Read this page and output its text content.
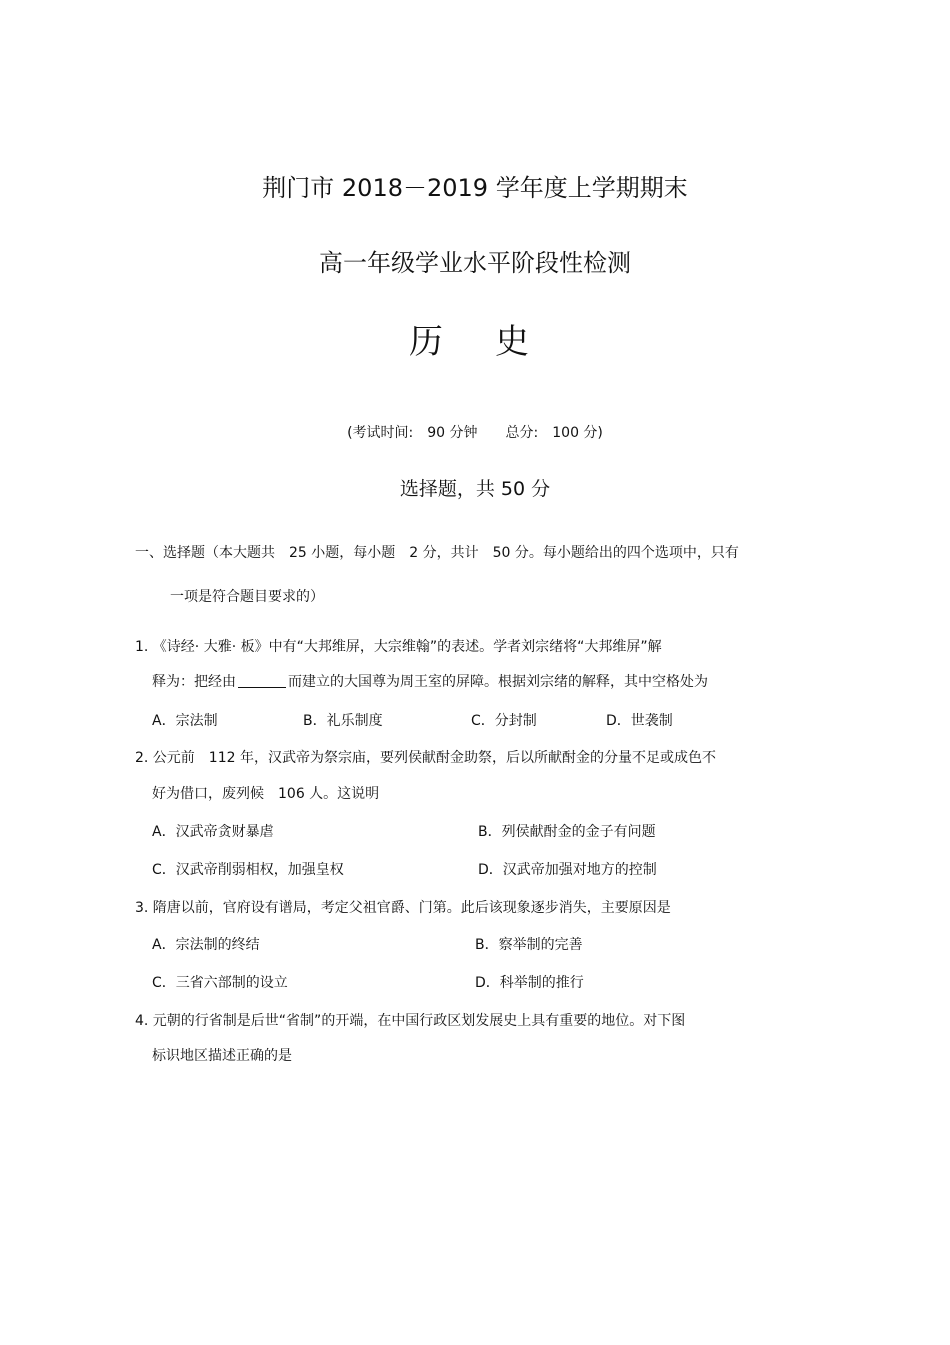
荆门市 2018－2019 学年度上学期期末
高一年级学业水平阶段性检测
历史
(考试时间:　90 分钟　　总分:　100 分)
选择题，共 50 分
一、选择题（本大题共　25 小题，每小题　2 分，共计　50 分。每小题给出的四个选项中，只有
一项是符合题目要求的）
1. 《诗经· 大雅· 板》中有“大邦维屏，大宗维翰”的表述。学者刘宗绪将“大邦维屏”解
释为：把经由	而建立的大国尊为周王室的屏障。根据刘宗绪的解释，其中空格处为
A．宗法制	B．礼乐制度	C．分封制	D．世袭制
2. 公元前　112 年，汉武帝为祭宗庙，要列侯献酎金助祭，后以所献酎金的分量不足或成色不
好为借口，废列候　106 人。这说明
A．汉武帝贪财暴虐	B．列侯献酎金的金子有问题
C．汉武帝削弱相权，加强皇权	D．汉武帝加强对地方的控制
3. 隋唐以前，官府设有谱局，考定父祖官爵、门第。此后该现象逐步消失，主要原因是
A．宗法制的终结	B．察举制的完善
C．三省六部制的设立	D．科举制的推行
4. 元朝的行省制是后世“省制”的开端，在中国行政区划发展史上具有重要的地位。对下图
标识地区描述正确的是
